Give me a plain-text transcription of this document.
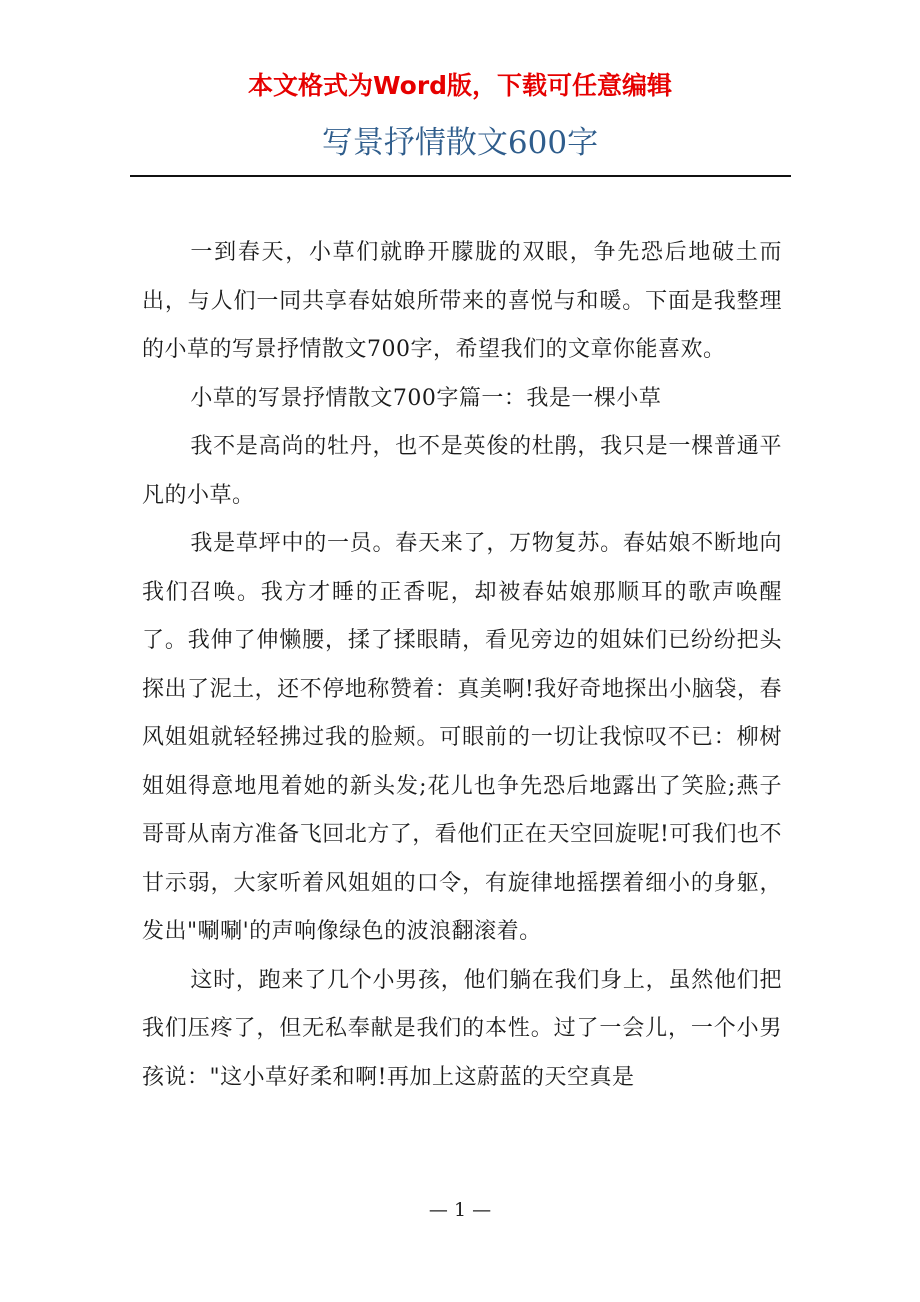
本文格式为Word版，下载可任意编辑
写景抒情散文600字

一到春天，小草们就睁开朦胧的双眼，争先恐后地破土而出，与人们一同共享春姑娘所带来的喜悦与和暖。下面是我整理的小草的写景抒情散文700字，希望我们的文章你能喜欢。

小草的写景抒情散文700字篇一：我是一棵小草

我不是高尚的牡丹，也不是英俊的杜鹃，我只是一棵普通平凡的小草。

我是草坪中的一员。春天来了，万物复苏。春姑娘不断地向我们召唤。我方才睡的正香呢，却被春姑娘那顺耳的歌声唤醒了。我伸了伸懒腰，揉了揉眼睛，看见旁边的姐妹们已纷纷把头探出了泥土，还不停地称赞着：真美啊!我好奇地探出小脑袋，春风姐姐就轻轻拂过我的脸颊。可眼前的一切让我惊叹不已：柳树姐姐得意地甩着她的新头发;花儿也争先恐后地露出了笑脸;燕子哥哥从南方准备飞回北方了，看他们正在天空回旋呢!可我们也不甘示弱，大家听着风姐姐的口令，有旋律地摇摆着细小的身躯，发出"唰唰'的声响像绿色的波浪翻滚着。

这时，跑来了几个小男孩，他们躺在我们身上，虽然他们把我们压疼了，但无私奉献是我们的本性。过了一会儿，一个小男孩说："这小草好柔和啊!再加上这蔚蓝的天空真是

— 1 —
